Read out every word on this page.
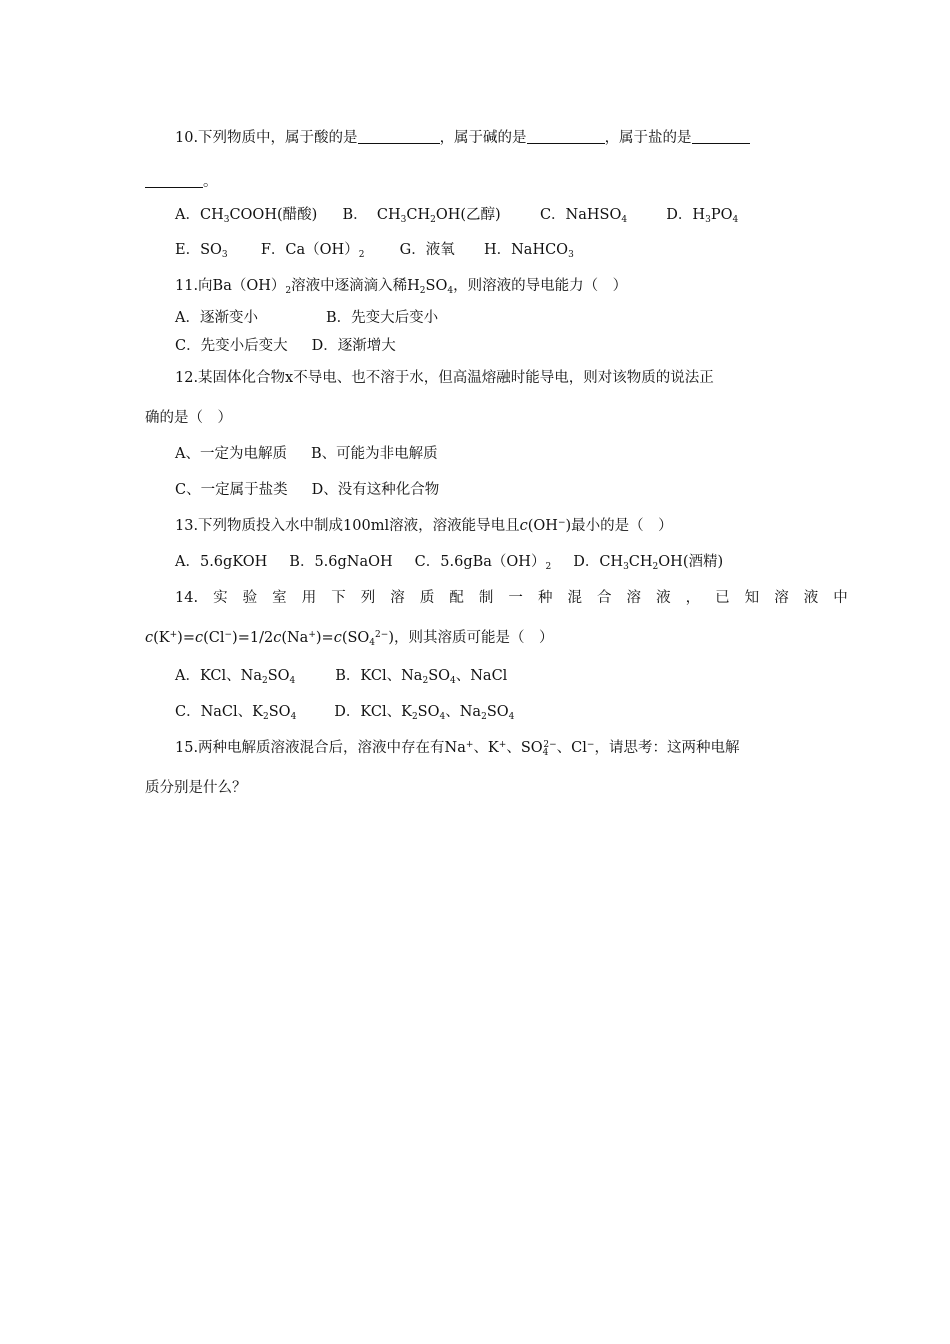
10.下列物质中，属于酸的是	，属于碱的是	，属于盐的是
。
A．$CH_3COOH$(醋酸) B． $CH_3CH_2OH$(乙醇)	C．NaHSO$_4$	D．$H_3PO_4$
E．$SO_3$ F．$Ca(OH)_2$ G．液氧 H．NaHCO$_3$
11.向$Ba(OH)_2$溶液中逐滴滴入稀$H_2SO_4$，则溶液的导电能力（　）
A．逐渐变小	B．先变大后变小
C．先变小后变大 D．逐渐增大
12.某固体化合物x不导电、也不溶于水，但高温熔融时能导电，则对该物质的说法正
确的是（　）
A、一定为电解质 B、可能为非电解质
C、一定属于盐类 D、没有这种化合物
13.下列物质投入水中制成100ml溶液，溶液能导电且c(OH−)最小的是（　）
A．5.6gKOH B．5.6gNaOH C．$5.6gBa(OH)_2$ D．$CH_3CH_2OH$(酒精)
14. 实 验 室 用 下 列 溶 质 配 制 一 种 混 合 溶 液 ， 已 知 溶 液 中
$c(K^+)=c(Cl^-)=1/2c(Na^+)=c(SO_4^{2-})$，则其溶质可能是（　）
A．KCl、$Na_2SO_4$	B．KCl、$Na_2SO_4$、NaCl
C．NaCl、$K_2SO_4$	D．KCl、$K_2SO_4$、$Na_2SO_4$
15.两种电解质溶液混合后，溶液中存在有Na+、K+、$SO_4^{2-}$、Cl−，请思考：这两种电解
质分别是什么？
